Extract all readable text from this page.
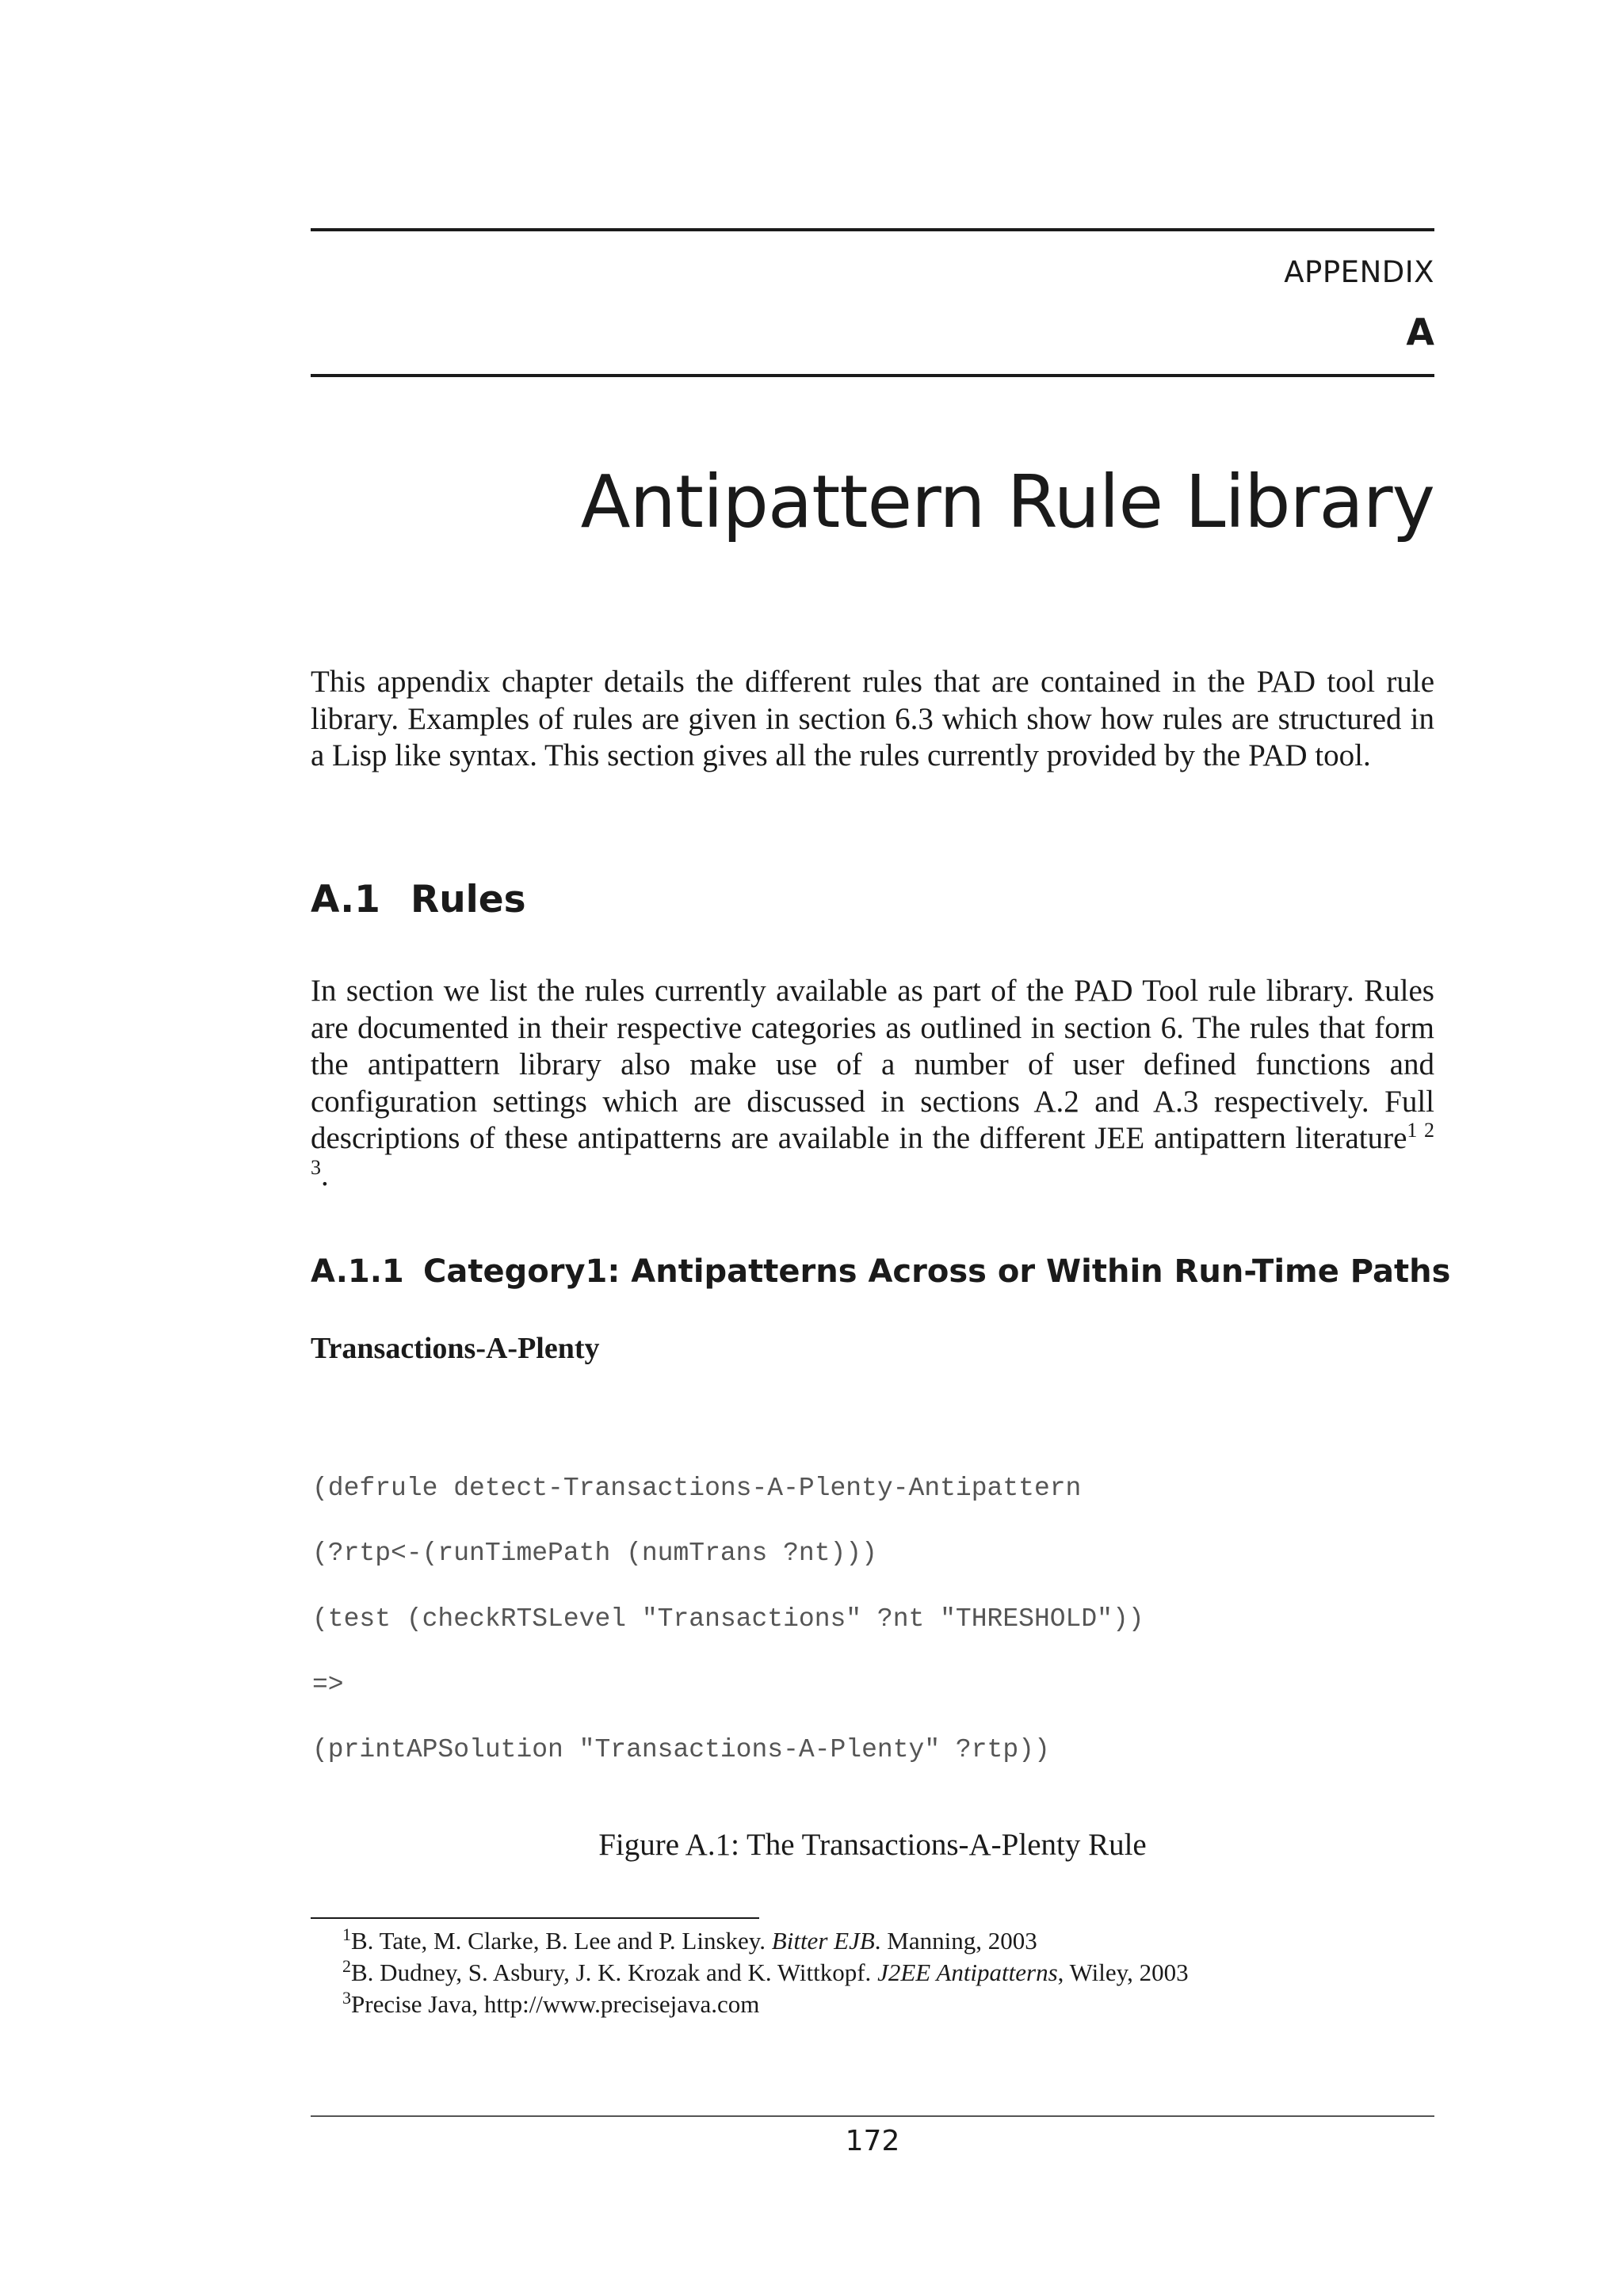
APPENDIX
A
Antipattern Rule Library

This appendix chapter details the different rules that are contained in the PAD tool rule library. Examples of rules are given in section 6.3 which show how rules are structured in a Lisp like syntax. This section gives all the rules currently provided by the PAD tool.

A.1 Rules

In section we list the rules currently available as part of the PAD Tool rule library. Rules are documented in their respective categories as outlined in section 6. The rules that form the antipattern library also make use of a number of user defined functions and configuration settings which are discussed in sections A.2 and A.3 respectively. Full descriptions of these antipatterns are available in the different JEE antipattern literature$^1$ $^2$ $^3$.

A.1.1 Category1: Antipatterns Across or Within Run-Time Paths
Transactions-A-Plenty
(defrule detect-Transactions-A-Plenty-Antipattern
(?rtp<-(runTimePath (numTrans ?nt)))
(test (checkRTSLevel "Transactions" ?nt "THRESHOLD"))
=>
(printAPSolution "Transactions-A-Plenty" ?rtp))
Figure A.1: The Transactions-A-Plenty Rule
$^1$B. Tate, M. Clarke, B. Lee and P. Linskey. Bitter EJB. Manning, 2003
$^2$B. Dudney, S. Asbury, J. K. Krozak and K. Wittkopf. J2EE Antipatterns, Wiley, 2003
$^3$Precise Java, http://www.precisejava.com
172
